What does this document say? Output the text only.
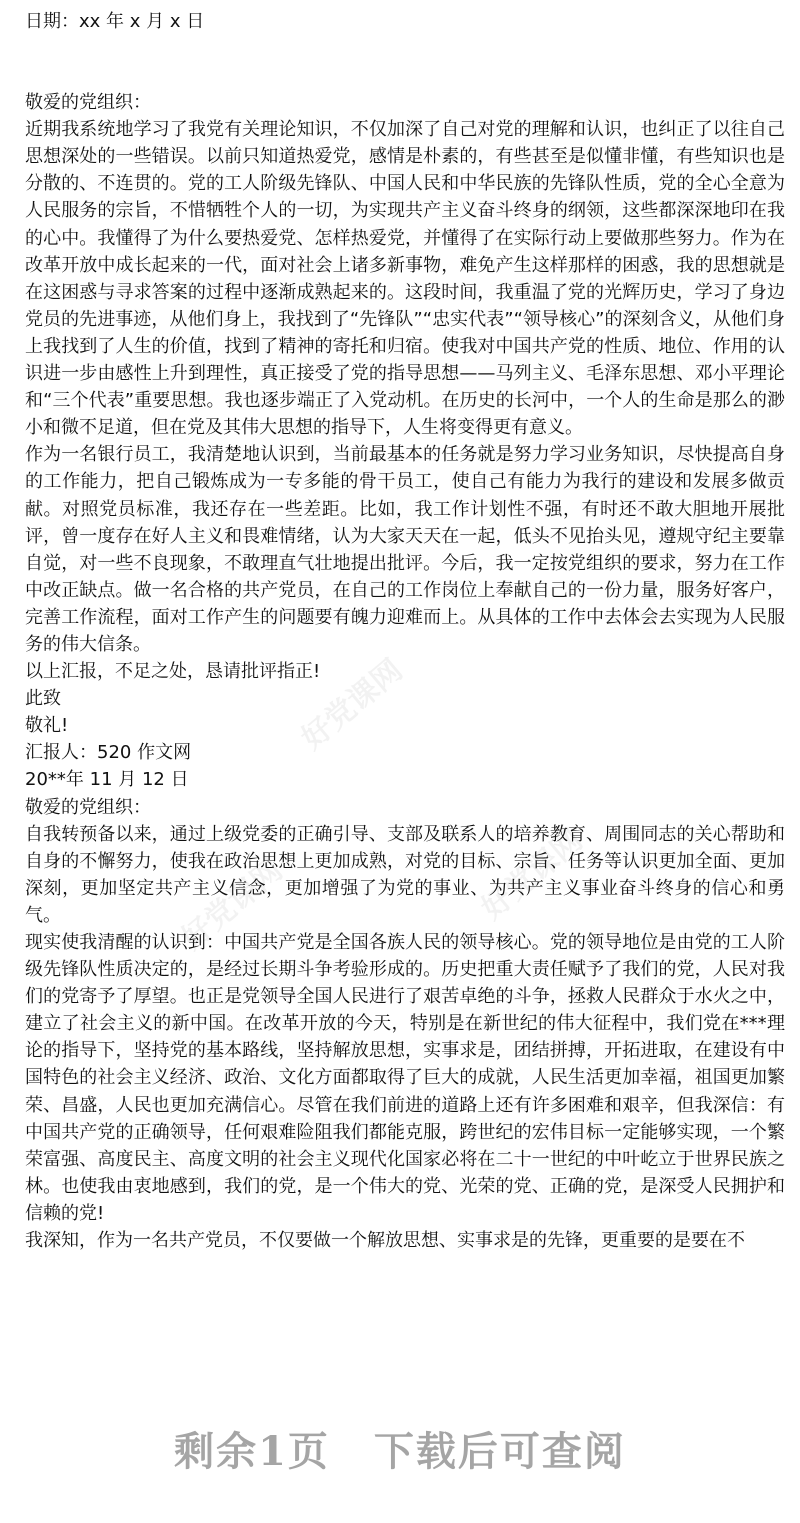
好党课网
好党课网	好党课网

日期：xx 年 x 月 x 日

敬爱的党组织：

近期我系统地学习了我党有关理论知识，不仅加深了自己对党的理解和认识，也纠正了以往自己思想深处的一些错误。以前只知道热爱党，感情是朴素的，有些甚至是似懂非懂，有些知识也是分散的、不连贯的。党的工人阶级先锋队、中国人民和中华民族的先锋队性质，党的全心全意为人民服务的宗旨，不惜牺牲个人的一切，为实现共产主义奋斗终身的纲领，这些都深深地印在我的心中。我懂得了为什么要热爱党、怎样热爱党，并懂得了在实际行动上要做那些努力。作为在改革开放中成长起来的一代，面对社会上诸多新事物，难免产生这样那样的困惑，我的思想就是在这困惑与寻求答案的过程中逐渐成熟起来的。这段时间，我重温了党的光辉历史，学习了身边党员的先进事迹，从他们身上，我找到了“先锋队”“忠实代表”“领导核心”的深刻含义，从他们身上我找到了人生的价值，找到了精神的寄托和归宿。使我对中国共产党的性质、地位、作用的认识进一步由感性上升到理性，真正接受了党的指导思想——马列主义、毛泽东思想、邓小平理论和“三个代表”重要思想。我也逐步端正了入党动机。在历史的长河中，一个人的生命是那么的渺小和微不足道，但在党及其伟大思想的指导下，人生将变得更有意义。

作为一名银行员工，我清楚地认识到，当前最基本的任务就是努力学习业务知识，尽快提高自身的工作能力，把自己锻炼成为一专多能的骨干员工，使自己有能力为我行的建设和发展多做贡献。对照党员标准，我还存在一些差距。比如，我工作计划性不强，有时还不敢大胆地开展批评，曾一度存在好人主义和畏难情绪，认为大家天天在一起，低头不见抬头见，遵规守纪主要靠自觉，对一些不良现象，不敢理直气壮地提出批评。今后，我一定按党组织的要求，努力在工作中改正缺点。做一名合格的共产党员，在自己的工作岗位上奉献自己的一份力量，服务好客户，完善工作流程，面对工作产生的问题要有魄力迎难而上。从具体的工作中去体会去实现为人民服务的伟大信条。

以上汇报，不足之处，恳请批评指正!

此致

敬礼!

汇报人：520 作文网

20**年 11 月 12 日

敬爱的党组织：

自我转预备以来，通过上级党委的正确引导、支部及联系人的培养教育、周围同志的关心帮助和自身的不懈努力，使我在政治思想上更加成熟，对党的目标、宗旨、任务等认识更加全面、更加深刻，更加坚定共产主义信念，更加增强了为党的事业、为共产主义事业奋斗终身的信心和勇气。

现实使我清醒的认识到：中国共产党是全国各族人民的领导核心。党的领导地位是由党的工人阶级先锋队性质决定的，是经过长期斗争考验形成的。历史把重大责任赋予了我们的党，人民对我们的党寄予了厚望。也正是党领导全国人民进行了艰苦卓绝的斗争，拯救人民群众于水火之中，建立了社会主义的新中国。在改革开放的今天，特别是在新世纪的伟大征程中，我们党在***理论的指导下，坚持党的基本路线，坚持解放思想，实事求是，团结拼搏，开拓进取，在建设有中国特色的社会主义经济、政治、文化方面都取得了巨大的成就，人民生活更加幸福，祖国更加繁荣、昌盛，人民也更加充满信心。尽管在我们前进的道路上还有许多困难和艰辛，但我深信：有中国共产党的正确领导，任何艰难险阻我们都能克服，跨世纪的宏伟目标一定能够实现，一个繁荣富强、高度民主、高度文明的社会主义现代化国家必将在二十一世纪的中叶屹立于世界民族之林。也使我由衷地感到，我们的党，是一个伟大的党、光荣的党、正确的党，是深受人民拥护和信赖的党!

我深知，作为一名共产党员，不仅要做一个解放思想、实事求是的先锋，更重要的是要在不

剩余1页 下载后可查阅
